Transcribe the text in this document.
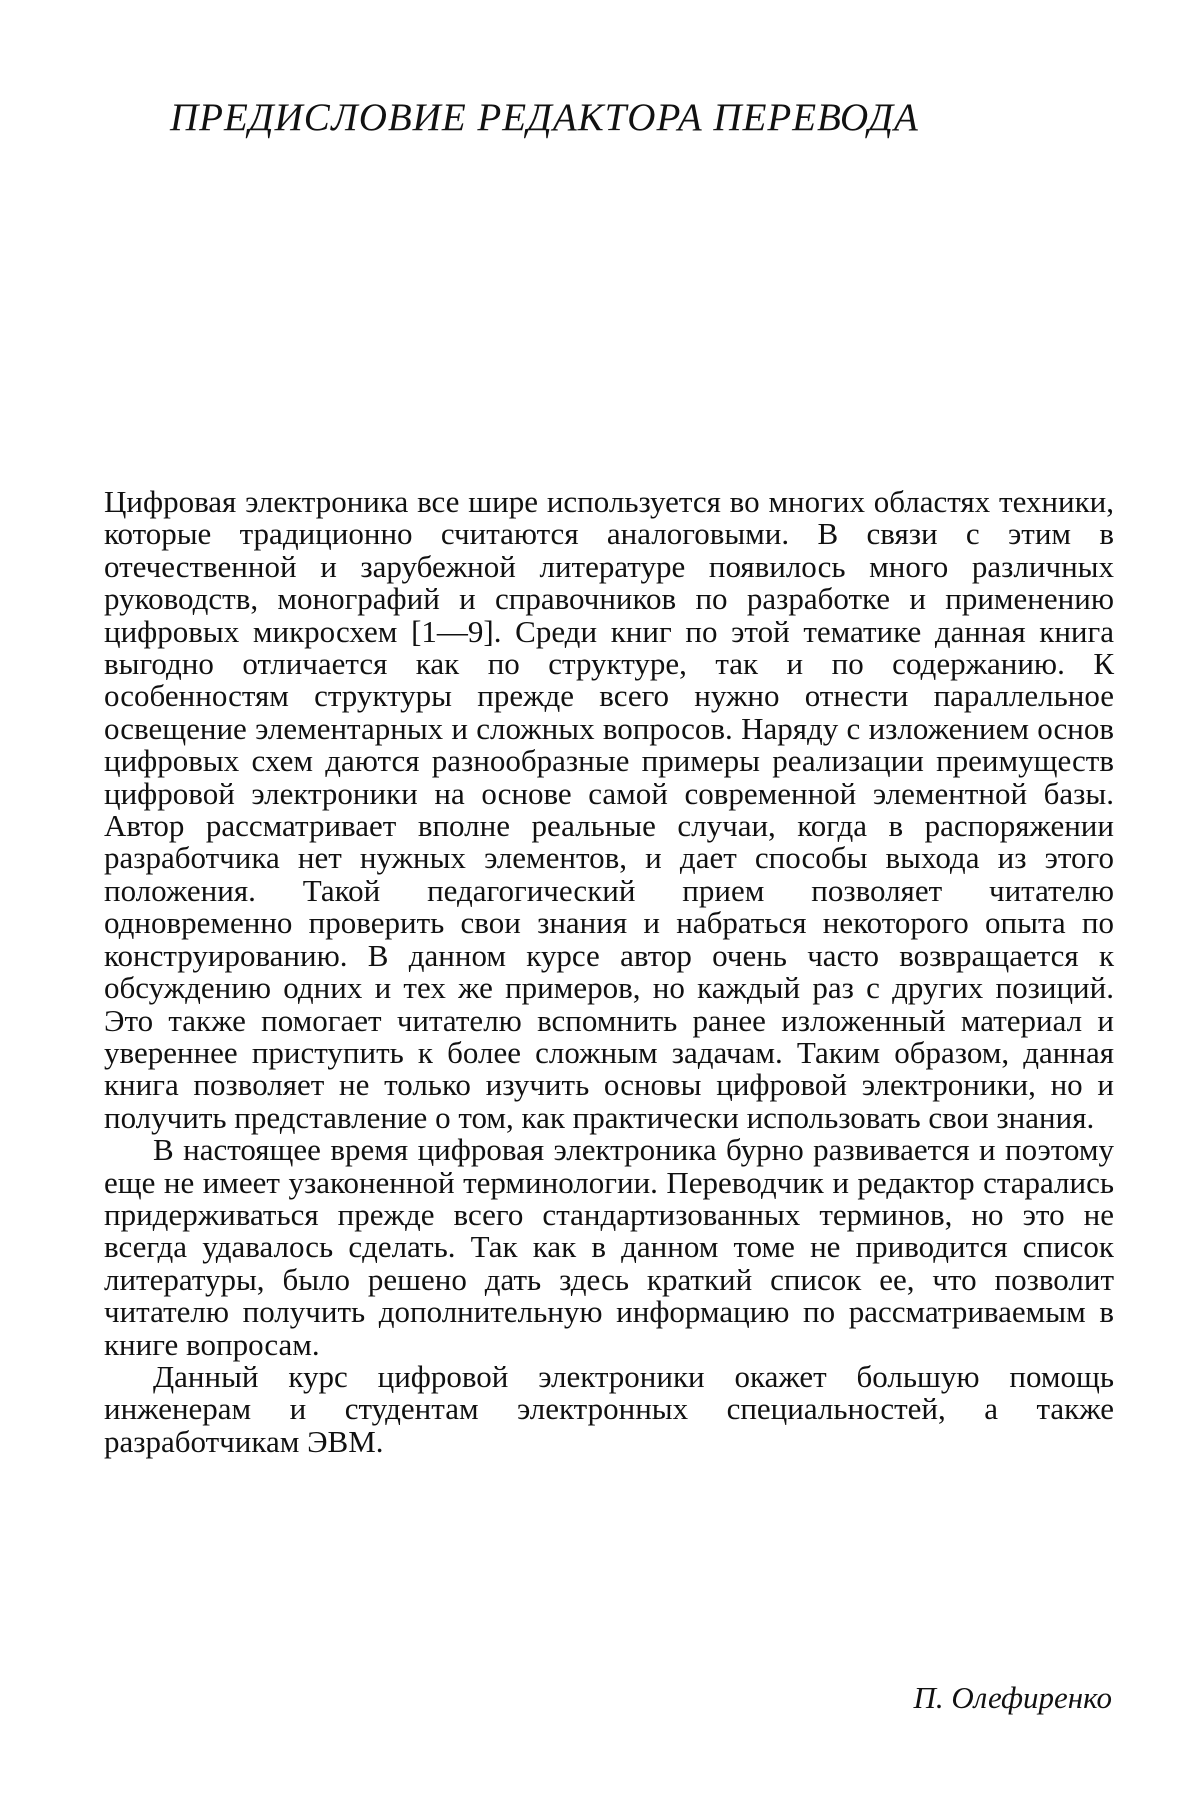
ПРЕДИСЛОВИЕ РЕДАКТОРА ПЕРЕВОДА

Цифровая электроника все шире используется во многих областях техники, которые традиционно считаются аналоговыми. В связи с этим в отечественной и зарубежной литературе появилось много различных руководств, монографий и справочников по разработке и применению цифровых микросхем [1—9]. Среди книг по этой тематике данная книга выгодно отличается как по структуре, так и по содержанию. К особенностям структуры прежде всего нужно отнести параллельное освещение элементарных и сложных вопросов. Наряду с изложением основ цифровых схем даются разнообразные примеры реализации преимуществ цифровой электроники на основе самой современной элементной базы. Автор рассматривает вполне реальные случаи, когда в распоряжении разработчика нет нужных элементов, и дает способы выхода из этого положения. Такой педагогический прием позволяет читателю одновременно проверить свои знания и набраться некоторого опыта по конструированию. В данном курсе автор очень часто возвращается к обсуждению одних и тех же примеров, но каждый раз с других позиций. Это также помогает читателю вспомнить ранее изложенный материал и увереннее приступить к более сложным задачам. Таким образом, данная книга позволяет не только изучить основы цифровой электроники, но и получить представление о том, как практически использовать свои знания.

В настоящее время цифровая электроника бурно развивается и поэтому еще не имеет узаконенной терминологии. Переводчик и редактор старались придерживаться прежде всего стандартизованных терминов, но это не всегда удавалось сделать. Так как в данном томе не приводится список литературы, было решено дать здесь краткий список ее, что позволит читателю получить дополнительную информацию по рассматриваемым в книге вопросам.

Данный курс цифровой электроники окажет большую помощь инженерам и студентам электронных специальностей, а также разработчикам ЭВМ.

П. Олефиренко
